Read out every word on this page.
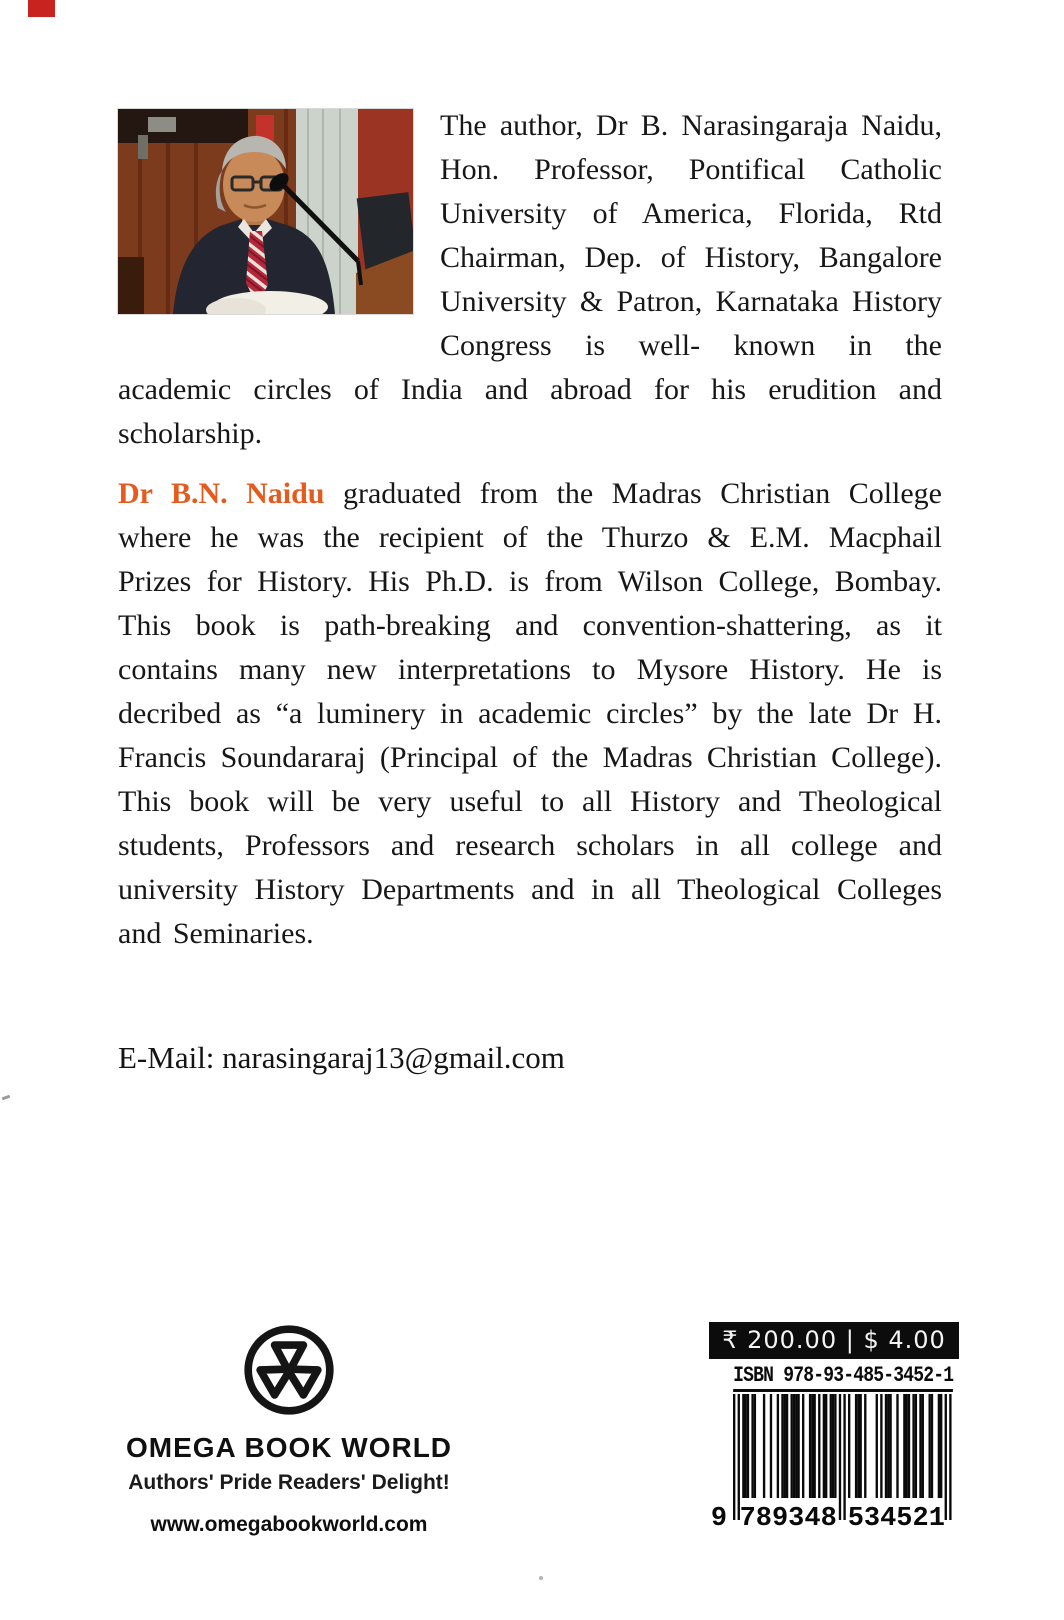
The author, Dr B. Narasingaraja Naidu, Hon. Professor, Pontifical Catholic University of America, Florida, Rtd Chairman, Dep. of History, Bangalore University & Patron, Karnataka History Congress is well- known in the academic circles of India and abroad for his erudition and scholarship.

Dr B.N. Naidu graduated from the Madras Christian College where he was the recipient of the Thurzo & E.M. Macphail Prizes for History. His Ph.D. is from Wilson College, Bombay. This book is path-breaking and convention-shattering, as it contains many new interpretations to Mysore History. He is decribed as “a luminery in academic circles” by the late Dr H. Francis Soundararaj (Principal of the Madras Christian College). This book will be very useful to all History and Theological students, Professors and research scholars in all college and university History Departments and in all Theological Colleges and Seminaries.

E-Mail: narasingaraj13@gmail.com
OMEGA BOOK WORLD
Authors' Pride Readers' Delight!
www.omegabookworld.com
₹ 200.00 | $ 4.00
ISBN 978-93-485-3452-1
9 789348 534521
